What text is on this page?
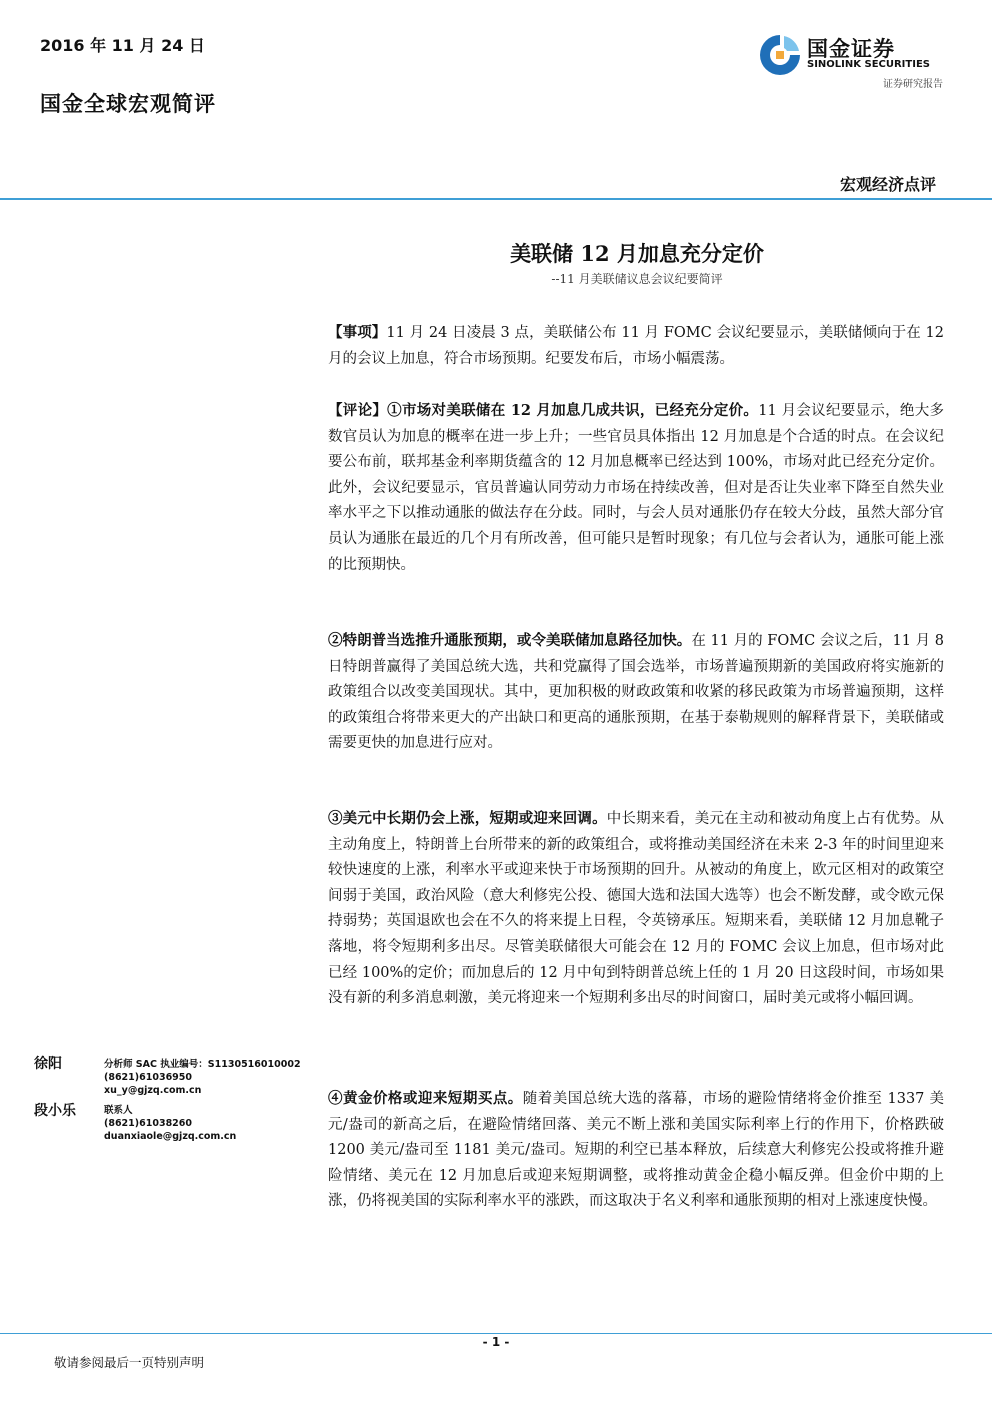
2016 年 11 月 24 日
国金全球宏观简评
国金证券
SINOLINK SECURITIES
证券研究报告
宏观经济点评
美联储 12 月加息充分定价
--11 月美联储议息会议纪要简评
【事项】11 月 24 日凌晨 3 点，美联储公布 11 月 FOMC 会议纪要显示，美联储倾向于在 12 月的会议上加息，符合市场预期。纪要发布后，市场小幅震荡。
【评论】①市场对美联储在 12 月加息几成共识，已经充分定价。11 月会议纪要显示，绝大多数官员认为加息的概率在进一步上升；一些官员具体指出 12 月加息是个合适的时点。在会议纪要公布前，联邦基金利率期货蕴含的 12 月加息概率已经达到 100%，市场对此已经充分定价。此外，会议纪要显示，官员普遍认同劳动力市场在持续改善，但对是否让失业率下降至自然失业率水平之下以推动通胀的做法存在分歧。同时，与会人员对通胀仍存在较大分歧，虽然大部分官员认为通胀在最近的几个月有所改善，但可能只是暂时现象；有几位与会者认为，通胀可能上涨的比预期快。
②特朗普当选推升通胀预期，或令美联储加息路径加快。在 11 月的 FOMC 会议之后，11 月 8 日特朗普赢得了美国总统大选，共和党赢得了国会选举，市场普遍预期新的美国政府将实施新的政策组合以改变美国现状。其中，更加积极的财政政策和收紧的移民政策为市场普遍预期，这样的政策组合将带来更大的产出缺口和更高的通胀预期，在基于泰勒规则的解释背景下，美联储或需要更快的加息进行应对。
③美元中长期仍会上涨，短期或迎来回调。中长期来看，美元在主动和被动角度上占有优势。从主动角度上，特朗普上台所带来的新的政策组合，或将推动美国经济在未来 2-3 年的时间里迎来较快速度的上涨，利率水平或迎来快于市场预期的回升。从被动的角度上，欧元区相对的政策空间弱于美国，政治风险（意大利修宪公投、德国大选和法国大选等）也会不断发酵，或令欧元保持弱势；英国退欧也会在不久的将来提上日程，令英镑承压。短期来看，美联储 12 月加息靴子落地，将令短期利多出尽。尽管美联储很大可能会在 12 月的 FOMC 会议上加息，但市场对此已经 100%的定价；而加息后的 12 月中旬到特朗普总统上任的 1 月 20 日这段时间，市场如果没有新的利多消息刺激，美元将迎来一个短期利多出尽的时间窗口，届时美元或将小幅回调。
④黄金价格或迎来短期买点。随着美国总统大选的落幕，市场的避险情绪将金价推至 1337 美元/盎司的新高之后，在避险情绪回落、美元不断上涨和美国实际利率上行的作用下，价格跌破 1200 美元/盎司至 1181 美元/盎司。短期的利空已基本释放，后续意大利修宪公投或将推升避险情绪、美元在 12 月加息后或迎来短期调整，或将推动黄金企稳小幅反弹。但金价中期的上涨，仍将视美国的实际利率水平的涨跌，而这取决于名义利率和通胀预期的相对上涨速度快慢。
徐阳	分析师 SAC 执业编号：S1130516010002
(8621)61036950
xu_y@gjzq.com.cn
段小乐	联系人
(8621)61038260
duanxiaole@gjzq.com.cn
- 1 -
敬请参阅最后一页特别声明
